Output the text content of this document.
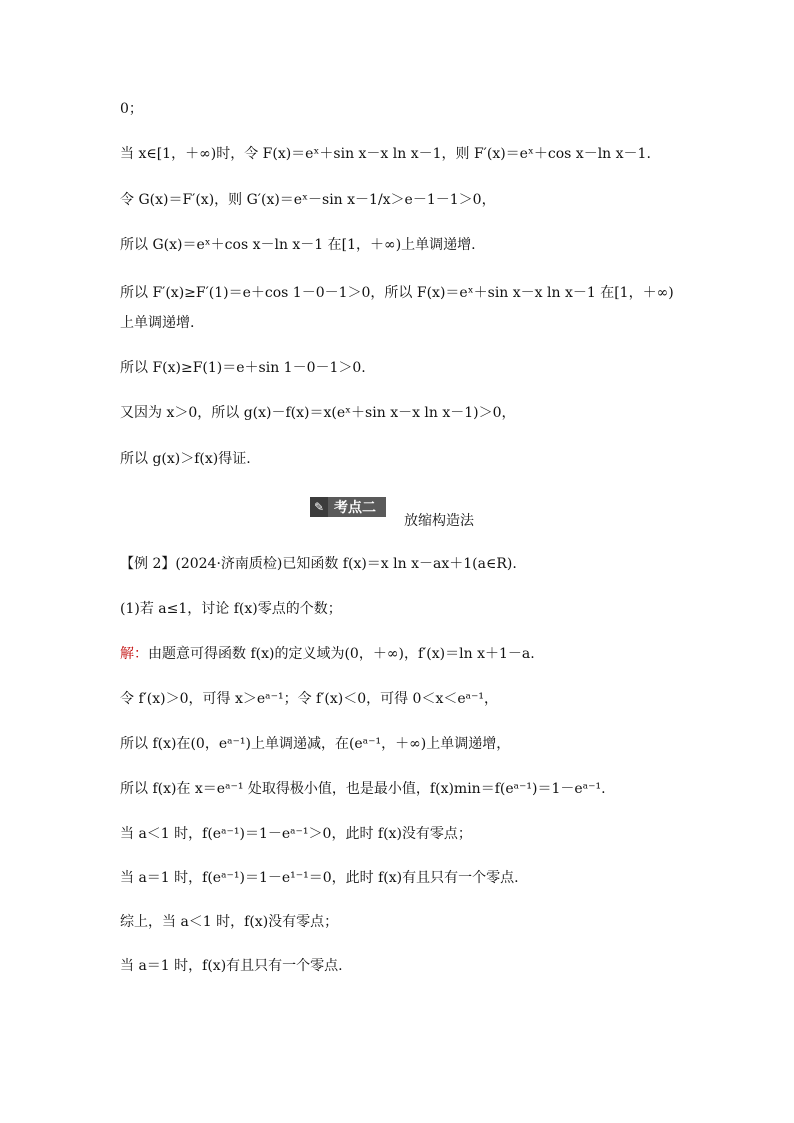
0；
当 x∈[1，＋∞)时，令 F(x)＝eˣ＋sin x－x ln x－1，则 F′(x)＝eˣ＋cos x－ln x－1.
令 G(x)＝F′(x)，则 G′(x)＝eˣ－sin x－1/x＞e－1－1＞0，
所以 G(x)＝eˣ＋cos x－ln x－1 在[1，＋∞)上单调递增.
所以 F′(x)≥F′(1)＝e＋cos 1－0－1＞0，所以 F(x)＝eˣ＋sin x－x ln x－1 在[1，＋∞)
上单调递增.
所以 F(x)≥F(1)＝e＋sin 1－0－1＞0.
又因为 x＞0，所以 g(x)－f(x)＝x(eˣ＋sin x－x ln x－1)＞0，
所以 g(x)＞f(x)得证.
✎ 考点二
放缩构造法
【例 2】(2024·济南质检)已知函数 f(x)＝x ln x－ax＋1(a∈R).
(1)若 a≤1，讨论 f(x)零点的个数；
解：由题意可得函数 f(x)的定义域为(0，＋∞)，f′(x)＝ln x＋1－a.
令 f′(x)＞0，可得 x＞eᵃ⁻¹；令 f′(x)＜0，可得 0＜x＜eᵃ⁻¹，
所以 f(x)在(0，eᵃ⁻¹)上单调递减，在(eᵃ⁻¹，＋∞)上单调递增，
所以 f(x)在 x＝eᵃ⁻¹ 处取得极小值，也是最小值，f(x)min＝f(eᵃ⁻¹)＝1－eᵃ⁻¹.
当 a＜1 时，f(eᵃ⁻¹)＝1－eᵃ⁻¹＞0，此时 f(x)没有零点；
当 a＝1 时，f(eᵃ⁻¹)＝1－e¹⁻¹＝0，此时 f(x)有且只有一个零点.
综上，当 a＜1 时，f(x)没有零点；
当 a＝1 时，f(x)有且只有一个零点.
